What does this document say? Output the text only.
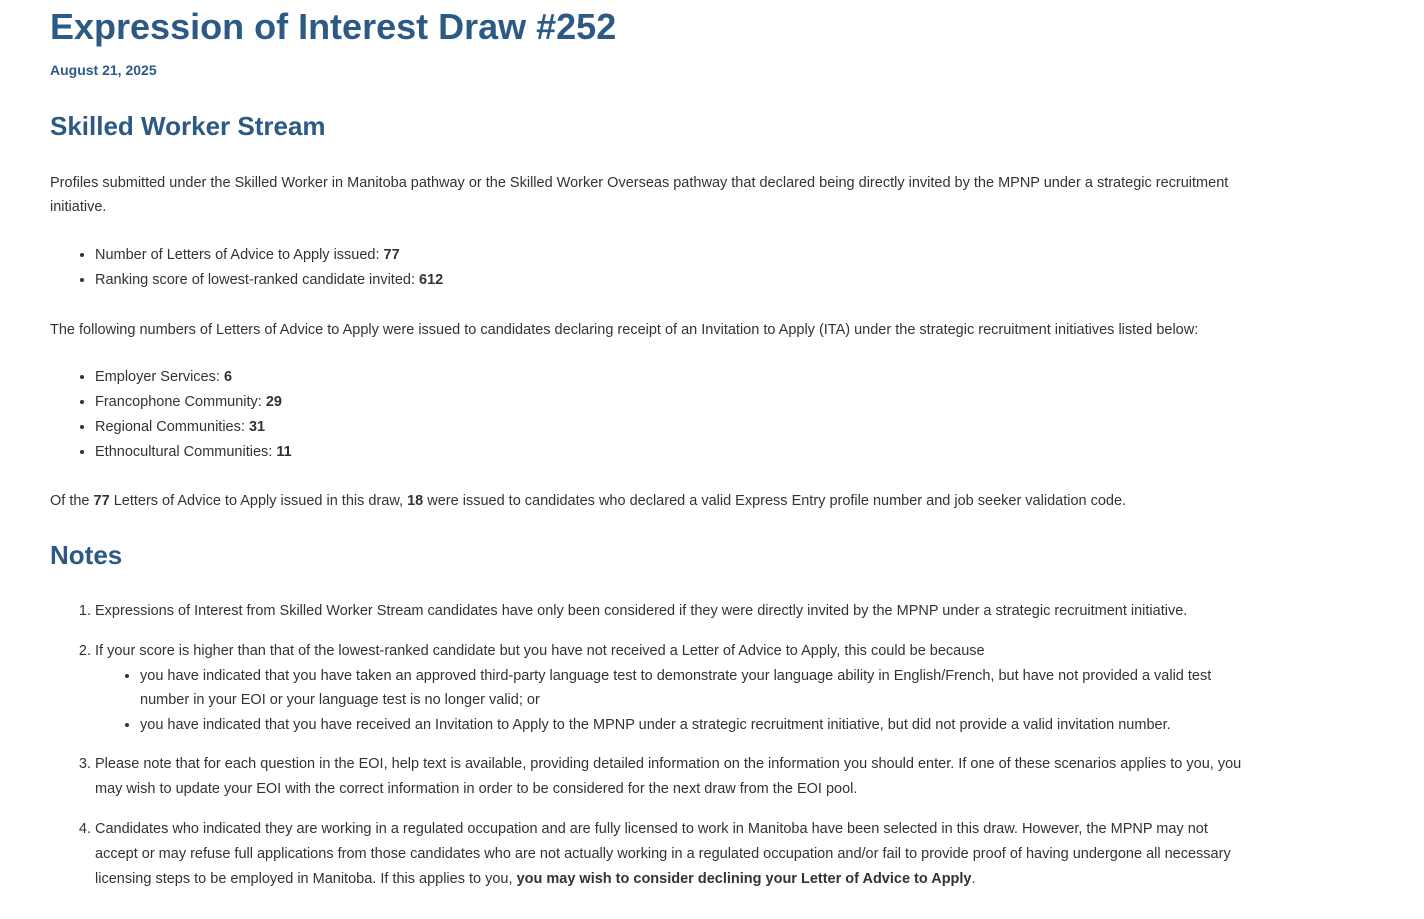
Expression of Interest Draw #252
August 21, 2025
Skilled Worker Stream

Profiles submitted under the Skilled Worker in Manitoba pathway or the Skilled Worker Overseas pathway that declared being directly invited by the MPNP under a strategic recruitment initiative.

• Number of Letters of Advice to Apply issued: 77
• Ranking score of lowest-ranked candidate invited: 612

The following numbers of Letters of Advice to Apply were issued to candidates declaring receipt of an Invitation to Apply (ITA) under the strategic recruitment initiatives listed below:

• Employer Services: 6
• Francophone Community: 29
• Regional Communities: 31
• Ethnocultural Communities: 11

Of the 77 Letters of Advice to Apply issued in this draw, 18 were issued to candidates who declared a valid Express Entry profile number and job seeker validation code.

Notes
1. Expressions of Interest from Skilled Worker Stream candidates have only been considered if they were directly invited by the MPNP under a strategic recruitment initiative.
2. If your score is higher than that of the lowest-ranked candidate but you have not received a Letter of Advice to Apply, this could be because
• you have indicated that you have taken an approved third-party language test to demonstrate your language ability in English/French, but have not provided a valid test number in your EOI or your language test is no longer valid; or
• you have indicated that you have received an Invitation to Apply to the MPNP under a strategic recruitment initiative, but did not provide a valid invitation number.
3. Please note that for each question in the EOI, help text is available, providing detailed information on the information you should enter. If one of these scenarios applies to you, you may wish to update your EOI with the correct information in order to be considered for the next draw from the EOI pool.
4. Candidates who indicated they are working in a regulated occupation and are fully licensed to work in Manitoba have been selected in this draw. However, the MPNP may not accept or may refuse full applications from those candidates who are not actually working in a regulated occupation and/or fail to provide proof of having undergone all necessary licensing steps to be employed in Manitoba. If this applies to you, you may wish to consider declining your Letter of Advice to Apply.
